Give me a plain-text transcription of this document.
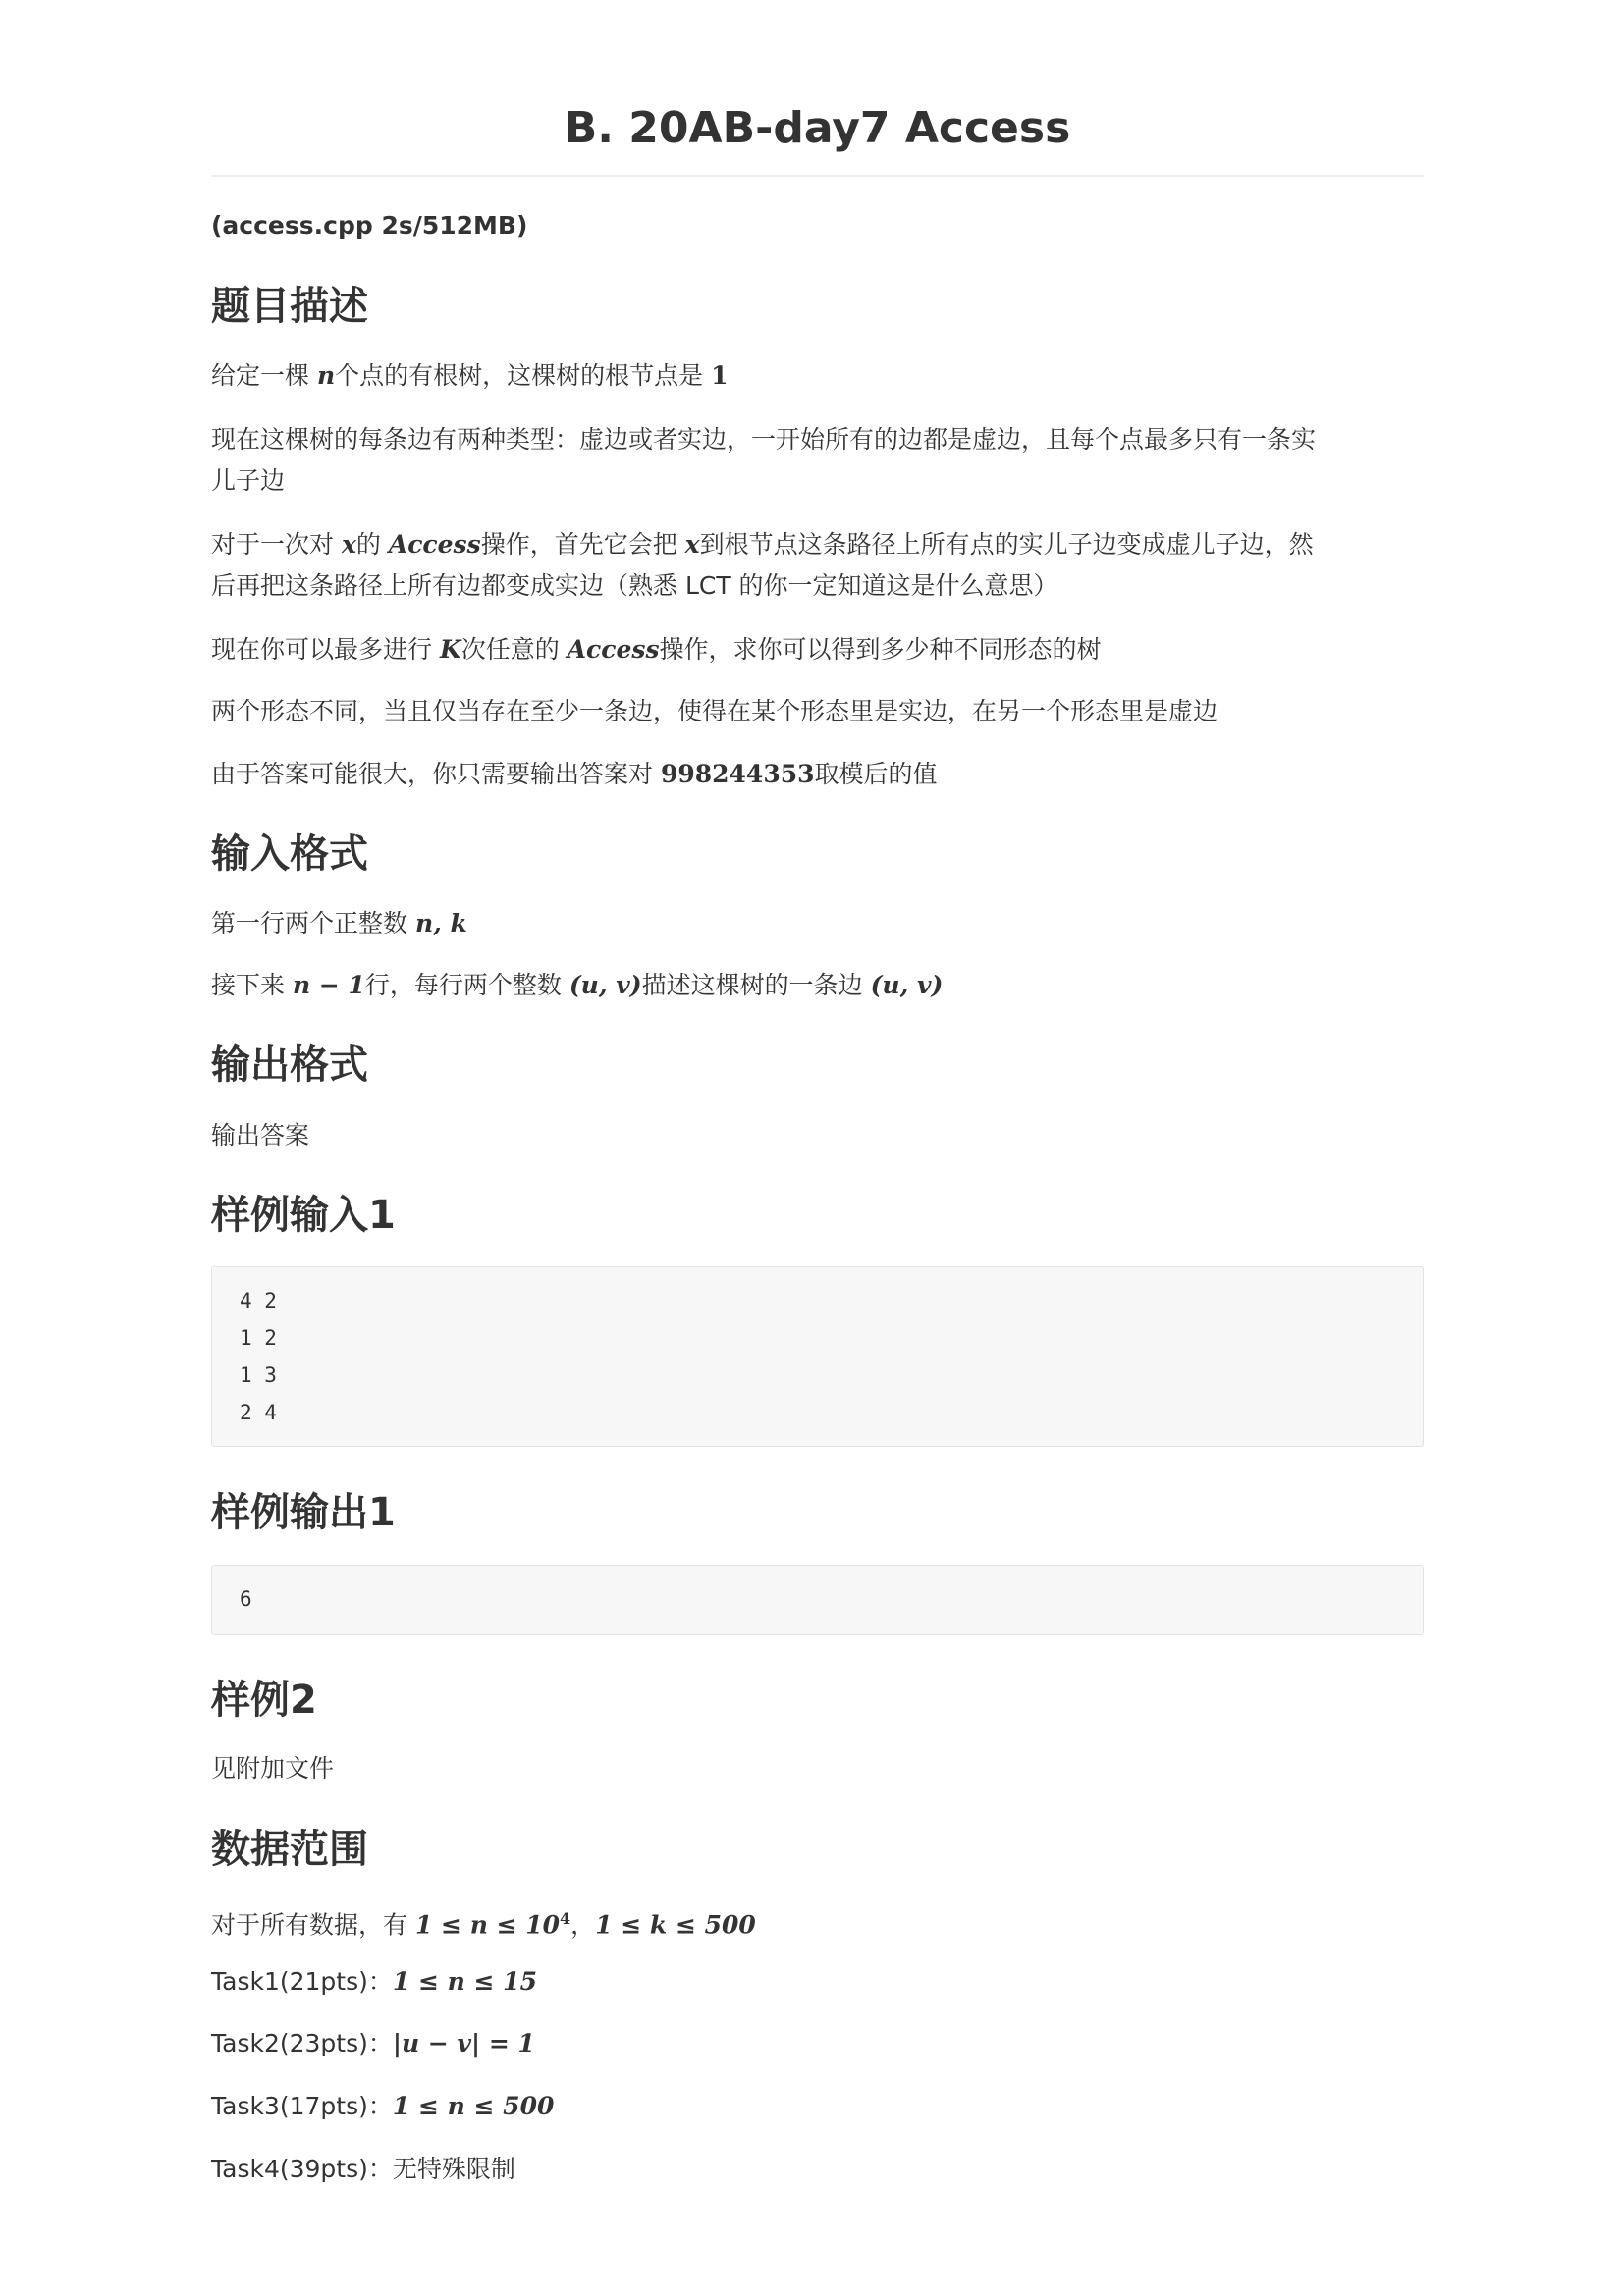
B. 20AB-day7 Access
(access.cpp 2s/512MB)
题目描述
给定一棵 n个点的有根树，这棵树的根节点是 1
现在这棵树的每条边有两种类型：虚边或者实边，一开始所有的边都是虚边，且每个点最多只有一条实
儿子边
对于一次对 x的 Access操作，首先它会把 x到根节点这条路径上所有点的实儿子边变成虚儿子边，然
后再把这条路径上所有边都变成实边（熟悉 LCT 的你一定知道这是什么意思）
现在你可以最多进行 K次任意的 Access操作，求你可以得到多少种不同形态的树
两个形态不同，当且仅当存在至少一条边，使得在某个形态里是实边，在另一个形态里是虚边
由于答案可能很大，你只需要输出答案对 998244353取模后的值
输入格式
第一行两个正整数 n, k
接下来 n − 1行，每行两个整数 (u, v)描述这棵树的一条边 (u, v)
输出格式
输出答案
样例输入1
4 2
1 2
1 3
2 4
样例输出1
6
样例2
见附加文件
数据范围
对于所有数据，有 $1 \le n \le 10^4$，1 ≤ k ≤ 500
Task1(21pts)：1 ≤ n ≤ 15
Task2(23pts)：|u − v| = 1
Task3(17pts)：1 ≤ n ≤ 500
Task4(39pts)：无特殊限制
